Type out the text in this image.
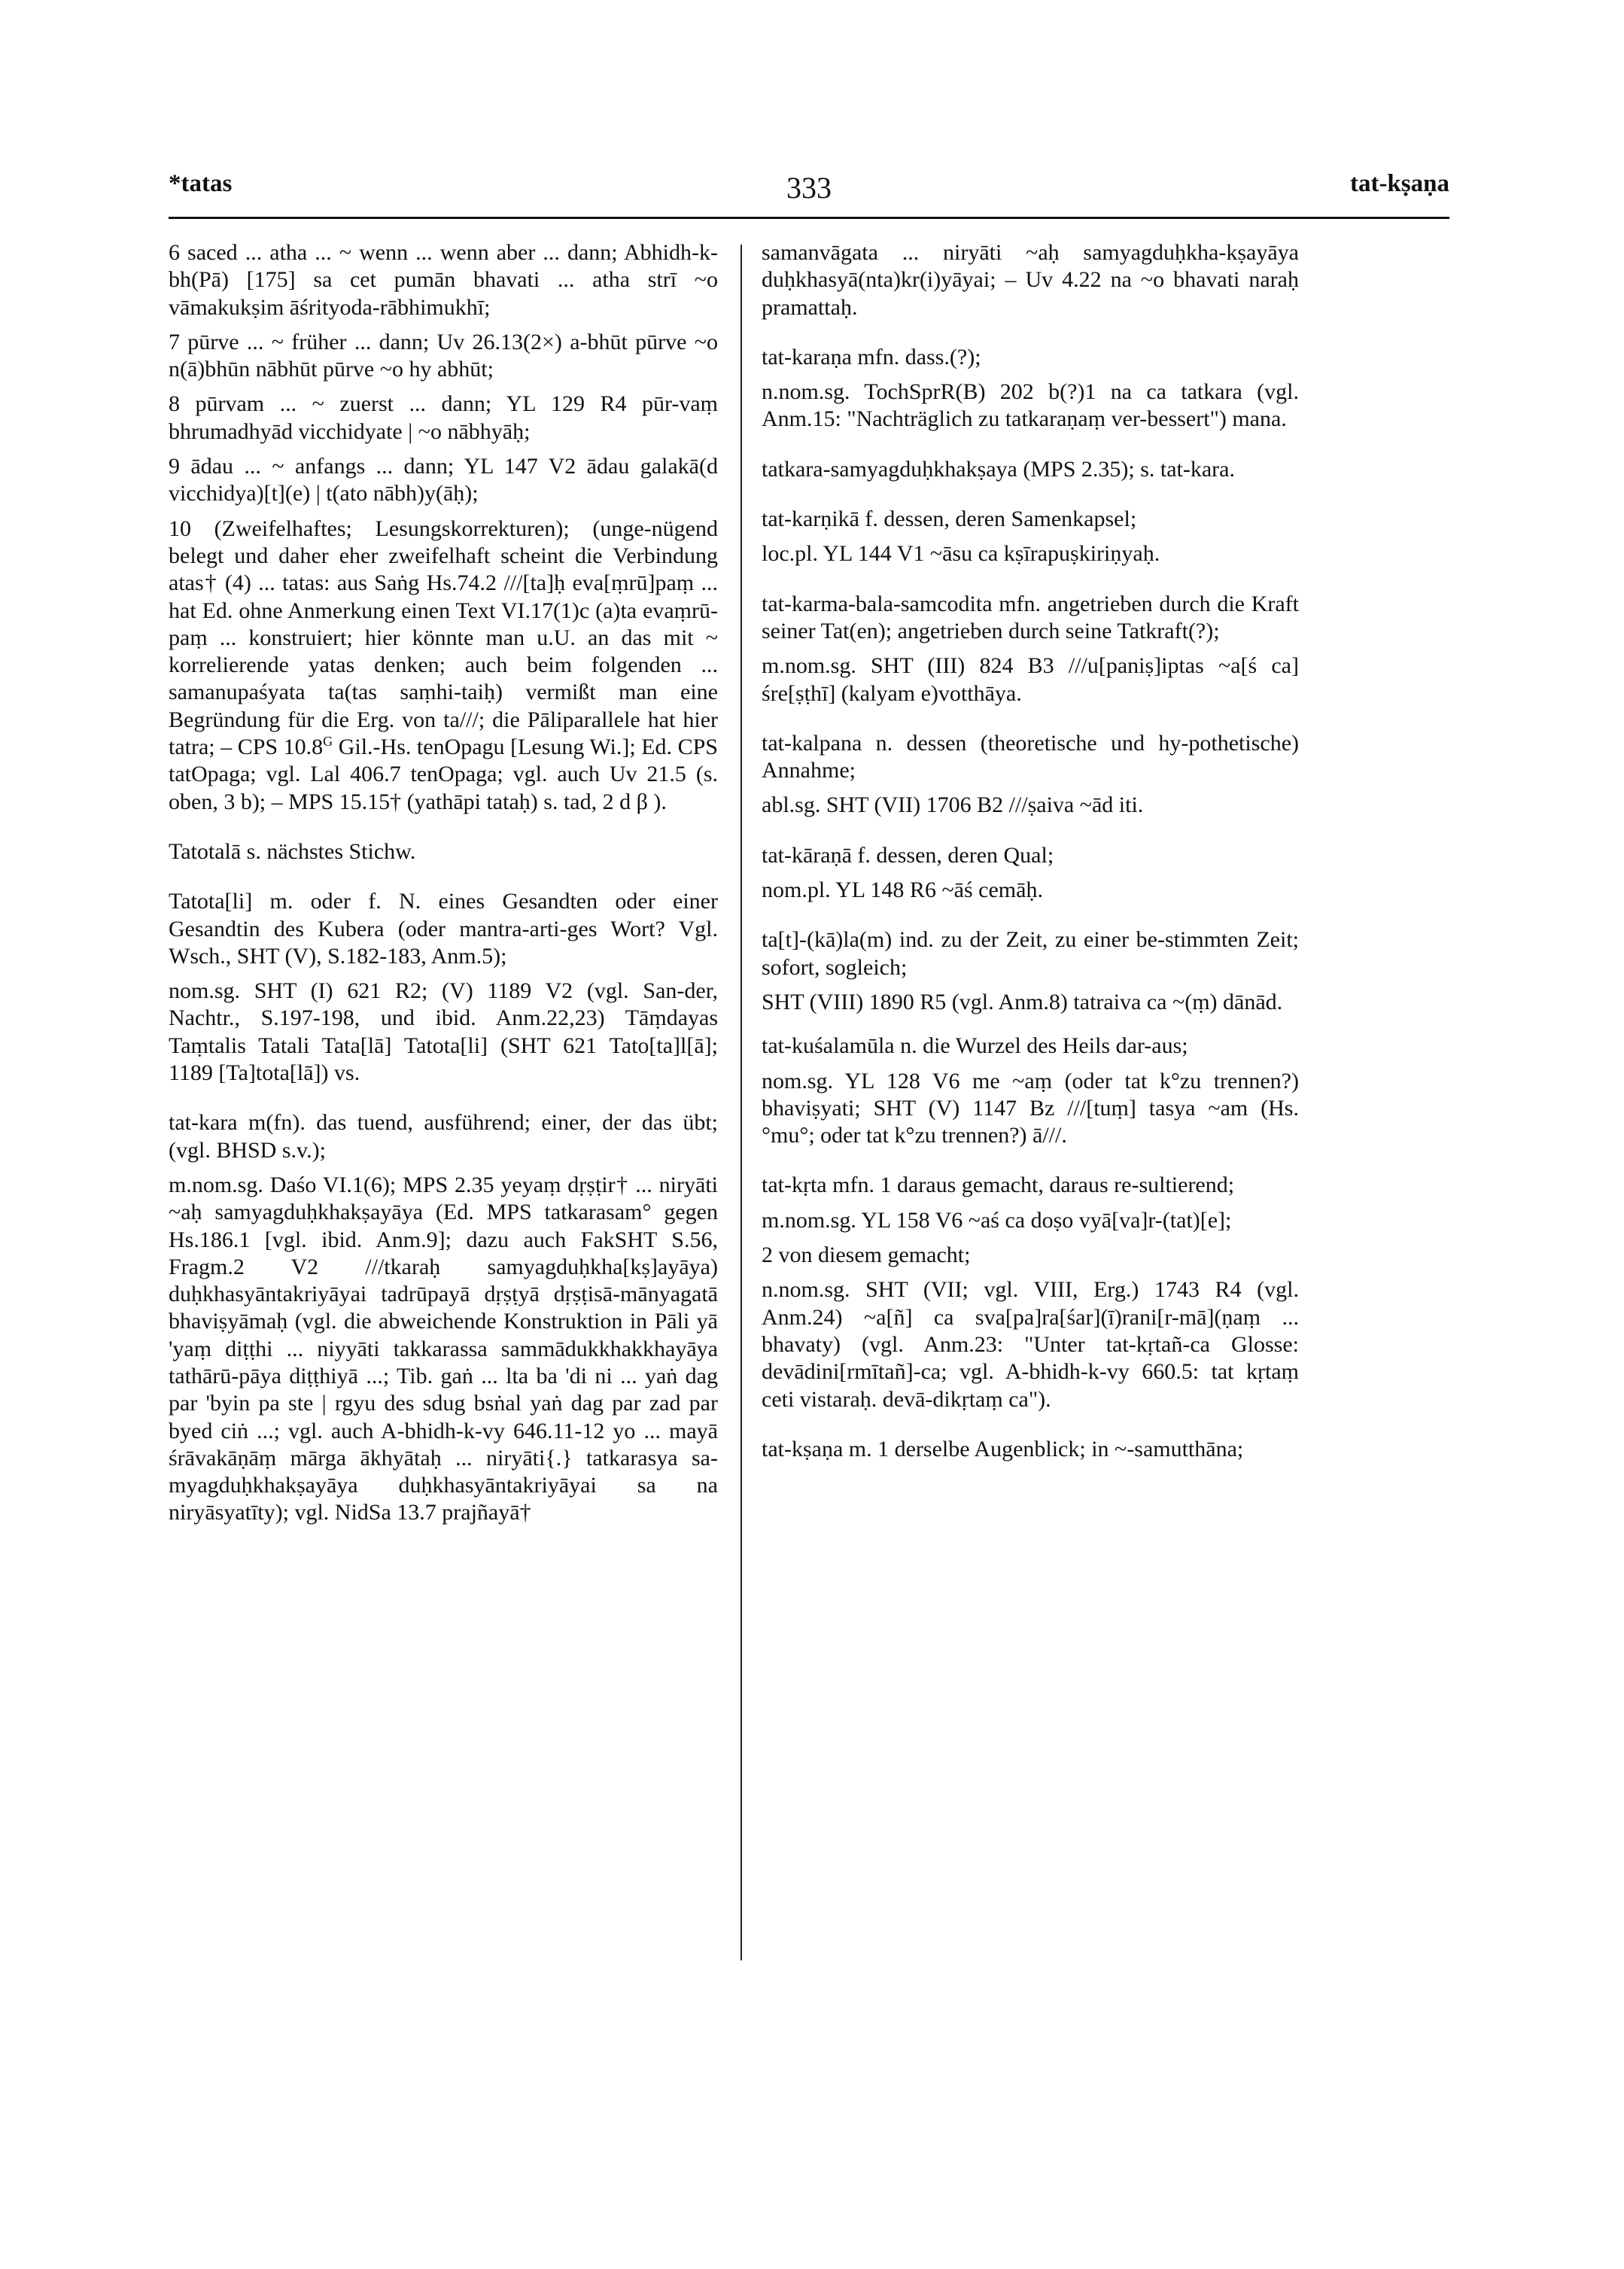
333
*tatas	tat-kṣaṇa

6 saced ... atha ... ~ wenn ... wenn aber ... dann; Abhidh-k-bh(Pā) [175] sa cet pumān bhavati ... atha strī ~o vāmakukṣim āśrityoda-rābhimukhī;

7 pūrve ... ~ früher ... dann; Uv 26.13(2×) a-bhūt pūrve ~o n(ā)bhūn nābhūt pūrve ~o hy abhūt;

8 pūrvam ... ~ zuerst ... dann; YL 129 R4 pūr-vaṃ bhrumadhyād vicchidyate | ~o nābhyāḥ;

9 ādau ... ~ anfangs ... dann; YL 147 V2 ādau galakā(d vicchidya)[t](e) | t(ato nābh)y(āḥ);

10 (Zweifelhaftes; Lesungskorrekturen); (unge-nügend belegt und daher eher zweifelhaft scheint die Verbindung atas† (4) ... tatas: aus Saṅg Hs.74.2 ///[ta]ḥ eva[ṃrū]paṃ ... hat Ed. ohne Anmerkung einen Text VI.17(1)c (a)ta evaṃrū-paṃ ... konstruiert; hier könnte man u.U. an das mit ~ korrelierende yatas denken; auch beim folgenden ... samanupaśyata ta(tas saṃhi-taiḥ) vermißt man eine Begründung für die Erg. von ta///; die Pāliparallele hat hier tatra; – CPS $10.8^G$ Gil.-Hs. tenOpagu [Lesung Wi.]; Ed. CPS tatOpaga; vgl. Lal 406.7 tenOpaga; vgl. auch Uv 21.5 (s. oben, 3 b); – MPS 15.15† (yathāpi tataḥ) s. tad, 2 d β ).

Tatotalā s. nächstes Stichw.

Tatota[li] m. oder f. N. eines Gesandten oder einer Gesandtin des Kubera (oder mantra-arti-ges Wort? Vgl. Wsch., SHT (V), S.182-183, Anm.5);

nom.sg. SHT (I) 621 R2; (V) 1189 V2 (vgl. San-der, Nachtr., S.197-198, und ibid. Anm.22,23) Tāṃdayas Taṃtalis Tatali Tata[lā] Tatota[li] (SHT 621 Tato[ta]l[ā]; 1189 [Ta]tota[lā]) vs.

tat-kara m(fn). das tuend, ausführend; einer, der das übt; (vgl. BHSD s.v.);

m.nom.sg. Daśo VI.1(6); MPS 2.35 yeyaṃ dṛṣṭir† ... niryāti ~aḥ samyagduḥkhakṣayāya (Ed. MPS tatkarasam° gegen Hs.186.1 [vgl. ibid. Anm.9]; dazu auch FakSHT S.56, Fragm.2 V2 ///tkaraḥ samyagduḥkha[kṣ]ayāya) duḥkhasyāntakriyāyai tadrūpayā dṛṣṭyā dṛṣṭisā-mānyagatā bhaviṣyāmaḥ (vgl. die abweichende Konstruktion in Pāli yā 'yaṃ diṭṭhi ... niyyāti takkarassa sammādukkhakkhayāya tathārū-pāya diṭṭhiyā ...; Tib. gaṅ ... lta ba 'di ni ... yaṅ dag par 'byin pa ste | rgyu des sdug bsṅal yaṅ dag par zad par byed ciṅ ...; vgl. auch A-bhidh-k-vy 646.11-12 yo ... mayā śrāvakāṇāṃ mārga ākhyātaḥ ... niryāti{.} tatkarasya sa-myagduḥkhakṣayāya duḥkhasyāntakriyāyai sa na niryāsyatīty); vgl. NidSa 13.7 prajñayā†

samanvāgata ... niryāti ~aḥ samyagduḥkha-kṣayāya duḥkhasyā(nta)kr(i)yāyai; – Uv 4.22 na ~o bhavati naraḥ pramattaḥ.

tat-karaṇa mfn. dass.(?);

n.nom.sg. TochSprR(B) 202 b(?)1 na ca tatkara (vgl. Anm.15: "Nachträglich zu tatkaraṇaṃ ver-bessert") mana.

tatkara-samyagduḥkhakṣaya (MPS 2.35); s. tat-kara.

tat-karṇikā f. dessen, deren Samenkapsel;

loc.pl. YL 144 V1 ~āsu ca kṣīrapuṣkiriṇyaḥ.

tat-karma-bala-samcodita mfn. angetrieben durch die Kraft seiner Tat(en); angetrieben durch seine Tatkraft(?);

m.nom.sg. SHT (III) 824 B3 ///u[paniṣ]iptas ~a[ś ca] śre[ṣṭhī] (kalyam e)votthāya.

tat-kalpana n. dessen (theoretische und hy-pothetische) Annahme;

abl.sg. SHT (VII) 1706 B2 ///ṣaiva ~ād iti.

tat-kāraṇā f. dessen, deren Qual;

nom.pl. YL 148 R6 ~āś cemāḥ.

ta[t]-(kā)la(m) ind. zu der Zeit, zu einer be-stimmten Zeit; sofort, sogleich;

SHT (VIII) 1890 R5 (vgl. Anm.8) tatraiva ca ~(ṃ) dānād.

tat-kuśalamūla n. die Wurzel des Heils dar-aus;

nom.sg. YL 128 V6 me ~aṃ (oder tat k°zu trennen?) bhaviṣyati; SHT (V) 1147 Bz ///[tuṃ] tasya ~am (Hs. °mu°; oder tat k°zu trennen?) ā///.

tat-kṛta mfn. 1 daraus gemacht, daraus re-sultierend;

m.nom.sg. YL 158 V6 ~aś ca doṣo vyā[va]r-(tat)[e];

2 von diesem gemacht;

n.nom.sg. SHT (VII; vgl. VIII, Erg.) 1743 R4 (vgl. Anm.24) ~a[ñ] ca sva[pa]ra[śar](ī)rani[r-mā](ṇaṃ ... bhavaty) (vgl. Anm.23: "Unter tat-kṛtañ-ca Glosse: devādini[rmītañ]-ca; vgl. A-bhidh-k-vy 660.5: tat kṛtaṃ ceti vistaraḥ. devā-dikṛtaṃ ca").

tat-kṣaṇa m. 1 derselbe Augenblick; in ~-samutthāna;
